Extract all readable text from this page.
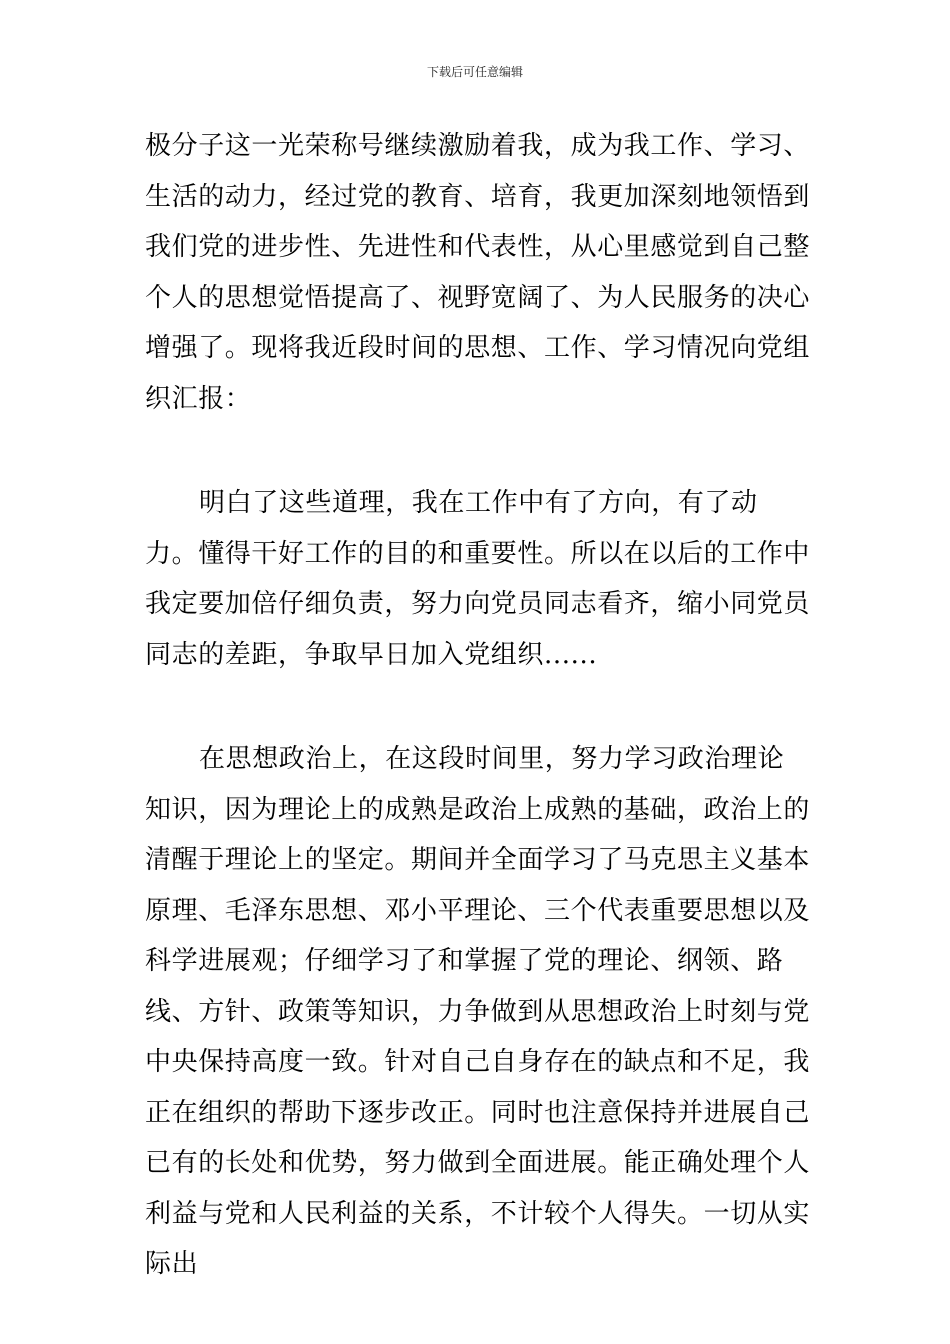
下载后可任意编辑

极分子这一光荣称号继续激励着我，成为我工作、学习、生活的动力，经过党的教育、培育，我更加深刻地领悟到我们党的进步性、先进性和代表性，从心里感觉到自己整个人的思想觉悟提高了、视野宽阔了、为人民服务的决心增强了。现将我近段时间的思想、工作、学习情况向党组织汇报：

明白了这些道理，我在工作中有了方向，有了动力。懂得干好工作的目的和重要性。所以在以后的工作中我定要加倍仔细负责，努力向党员同志看齐，缩小同党员同志的差距，争取早日加入党组织......

在思想政治上，在这段时间里，努力学习政治理论知识，因为理论上的成熟是政治上成熟的基础，政治上的清醒于理论上的坚定。期间并全面学习了马克思主义基本原理、毛泽东思想、邓小平理论、三个代表重要思想以及科学进展观；仔细学习了和掌握了党的理论、纲领、路线、方针、政策等知识，力争做到从思想政治上时刻与党中央保持高度一致。针对自己自身存在的缺点和不足，我正在组织的帮助下逐步改正。同时也注意保持并进展自己已有的长处和优势，努力做到全面进展。能正确处理个人利益与党和人民利益的关系，不计较个人得失。一切从实际出
